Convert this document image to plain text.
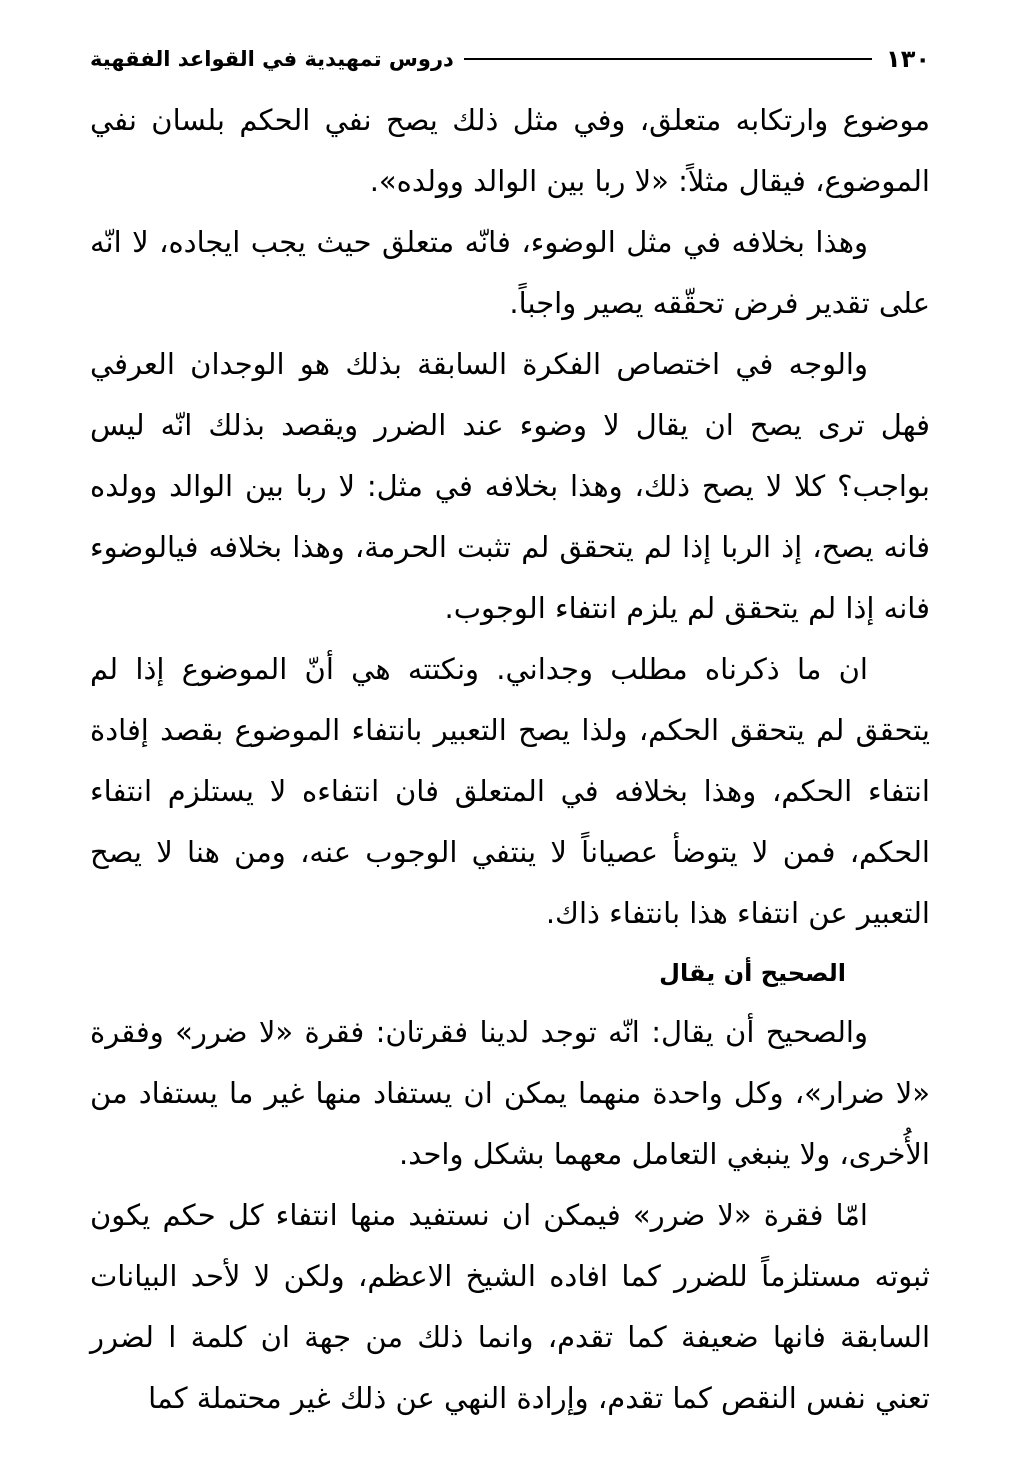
١٣٠
دروس تمهيدية في القواعد الفقهية

موضوع وارتكابه متعلق، وفي مثل ذلك يصح نفي الحكم بلسان نفي الموضوع، فيقال مثلاً: «لا ربا بين الوالد وولده».

وهذا بخلافه في مثل الوضوء، فانّه متعلق حيث يجب ايجاده، لا انّه على تقدير فرض تحقّقه يصير واجباً.

والوجه في اختصاص الفكرة السابقة بذلك هو الوجدان العرفي فهل ترى يصح ان يقال لا وضوء عند الضرر ويقصد بذلك انّه ليس بواجب؟ كلا لا يصح ذلك، وهذا بخلافه في مثل: لا ربا بين الوالد وولده فانه يصح، إذ الربا إذا لم يتحقق لم تثبت الحرمة، وهذا بخلافه فيالوضوء فانه إذا لم يتحقق لم يلزم انتفاء الوجوب.

ان ما ذكرناه مطلب وجداني. ونكتته هي أنّ الموضوع إذا لم يتحقق لم يتحقق الحكم، ولذا يصح التعبير بانتفاء الموضوع بقصد إفادة انتفاء الحكم، وهذا بخلافه في المتعلق فان انتفاءه لا يستلزم انتفاء الحكم، فمن لا يتوضأ عصياناً لا ينتفي الوجوب عنه، ومن هنا لا يصح التعبير عن انتفاء هذا بانتفاء ذاك.

الصحيح أن يقال

والصحيح أن يقال: انّه توجد لدينا فقرتان: فقرة «لا ضرر» وفقرة «لا ضرار»، وكل واحدة منهما يمكن ان يستفاد منها غير ما يستفاد من الأُخرى، ولا ينبغي التعامل معهما بشكل واحد.

امّا فقرة «لا ضرر» فيمكن ان نستفيد منها انتفاء كل حكم يكون ثبوته مستلزماً للضرر كما افاده الشيخ الاعظم، ولكن لا لأحد البيانات السابقة فانها ضعيفة كما تقدم، وانما ذلك من جهة ان كلمة ا لضرر تعني نفس النقص كما تقدم، وإرادة النهي عن ذلك غير محتملة كما
